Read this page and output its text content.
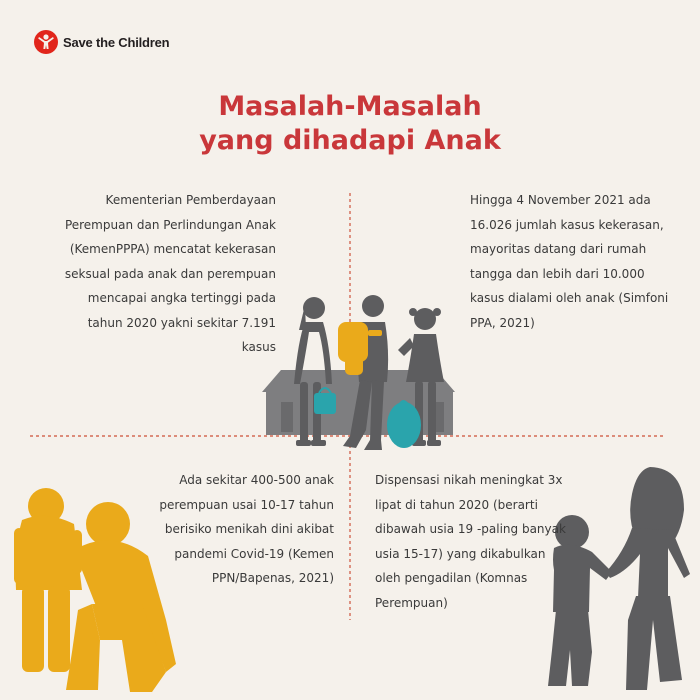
Save the Children
Masalah-Masalah
yang dihadapi Anak
Kementerian Pemberdayaan Perempuan dan Perlindungan Anak (KemenPPPA) mencatat kekerasan seksual pada anak dan perempuan mencapai angka tertinggi pada tahun 2020 yakni sekitar 7.191 kasus
Hingga 4 November 2021 ada 16.026 jumlah kasus kekerasan, mayoritas datang dari rumah tangga dan lebih dari 10.000 kasus dialami oleh anak (Simfoni PPA, 2021)
Ada sekitar 400-500 anak perempuan usai 10-17 tahun berisiko menikah dini akibat pandemi Covid-19 (Kemen PPN/Bapenas, 2021)
Dispensasi nikah meningkat 3x lipat di tahun 2020 (berarti dibawah usia 19 -paling banyak usia 15-17) yang dikabulkan oleh pengadilan (Komnas Perempuan)
